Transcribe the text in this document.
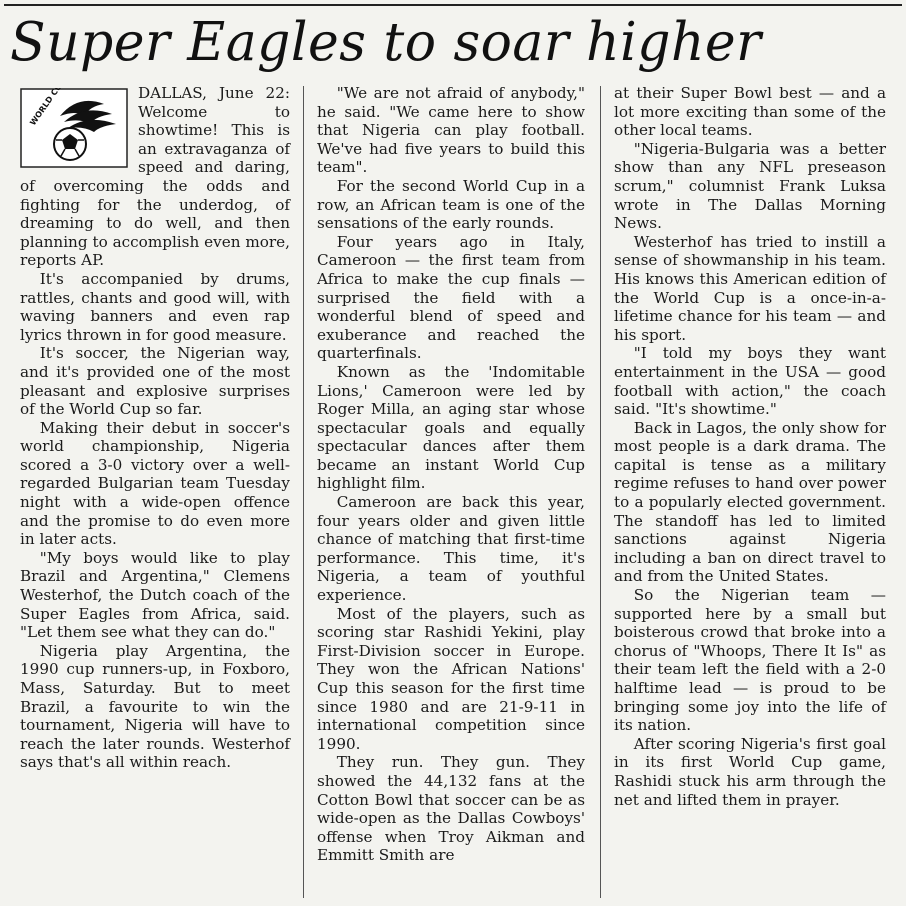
Super Eagles to soar higher

DALLAS, June 22: Welcome to showtime! This is an extravaganza of speed and daring, of overcoming the odds and fighting for the underdog, of dreaming to do well, and then planning to accomplish even more, reports AP.

It's accompanied by drums, rattles, chants and good will, with waving banners and even rap lyrics thrown in for good measure.

It's soccer, the Nigerian way, and it's provided one of the most pleasant and explosive surprises of the World Cup so far.

Making their debut in soccer's world championship, Nigeria scored a 3-0 victory over a well-regarded Bulgarian team Tuesday night with a wide-open offence and the promise to do even more in later acts.

"My boys would like to play Brazil and Argentina," Clemens Westerhof, the Dutch coach of the Super Eagles from Africa, said. "Let them see what they can do."

Nigeria play Argentina, the 1990 cup runners-up, in Foxboro, Mass, Saturday. But to meet Brazil, a favourite to win the tournament, Nigeria will have to reach the later rounds. Westerhof says that's all within reach.

"We are not afraid of anybody," he said. "We came here to show that Nigeria can play football. We've had five years to build this team".

For the second World Cup in a row, an African team is one of the sensations of the early rounds.

Four years ago in Italy, Cameroon — the first team from Africa to make the cup finals — surprised the field with a wonderful blend of speed and exuberance and reached the quarterfinals.

Known as the 'Indomitable Lions,' Cameroon were led by Roger Milla, an aging star whose spectacular goals and equally spectacular dances after them became an instant World Cup highlight film.

Cameroon are back this year, four years older and given little chance of matching that first-time performance. This time, it's Nigeria, a team of youthful experience.

Most of the players, such as scoring star Rashidi Yekini, play First-Division soccer in Europe. They won the African Nations' Cup this season for the first time since 1980 and are 21-9-11 in international competition since 1990.

They run. They gun. They showed the 44,132 fans at the Cotton Bowl that soccer can be as wide-open as the Dallas Cowboys' offense when Troy Aikman and Emmitt Smith are

at their Super Bowl best — and a lot more exciting than some of the other local teams.

"Nigeria-Bulgaria was a better show than any NFL preseason scrum," columnist Frank Luksa wrote in The Dallas Morning News.

Westerhof has tried to instill a sense of showmanship in his team. His knows this American edition of the World Cup is a once-in-a-lifetime chance for his team — and his sport.

"I told my boys they want entertainment in the USA — good football with action," the coach said. "It's showtime."

Back in Lagos, the only show for most people is a dark drama. The capital is tense as a military regime refuses to hand over power to a popularly elected government. The standoff has led to limited sanctions against Nigeria including a ban on direct travel to and from the United States.

So the Nigerian team — supported here by a small but boisterous crowd that broke into a chorus of "Whoops, There It Is" as their team left the field with a 2-0 halftime lead — is proud to be bringing some joy into the life of its nation.

After scoring Nigeria's first goal in its first World Cup game, Rashidi stuck his arm through the net and lifted them in prayer.
